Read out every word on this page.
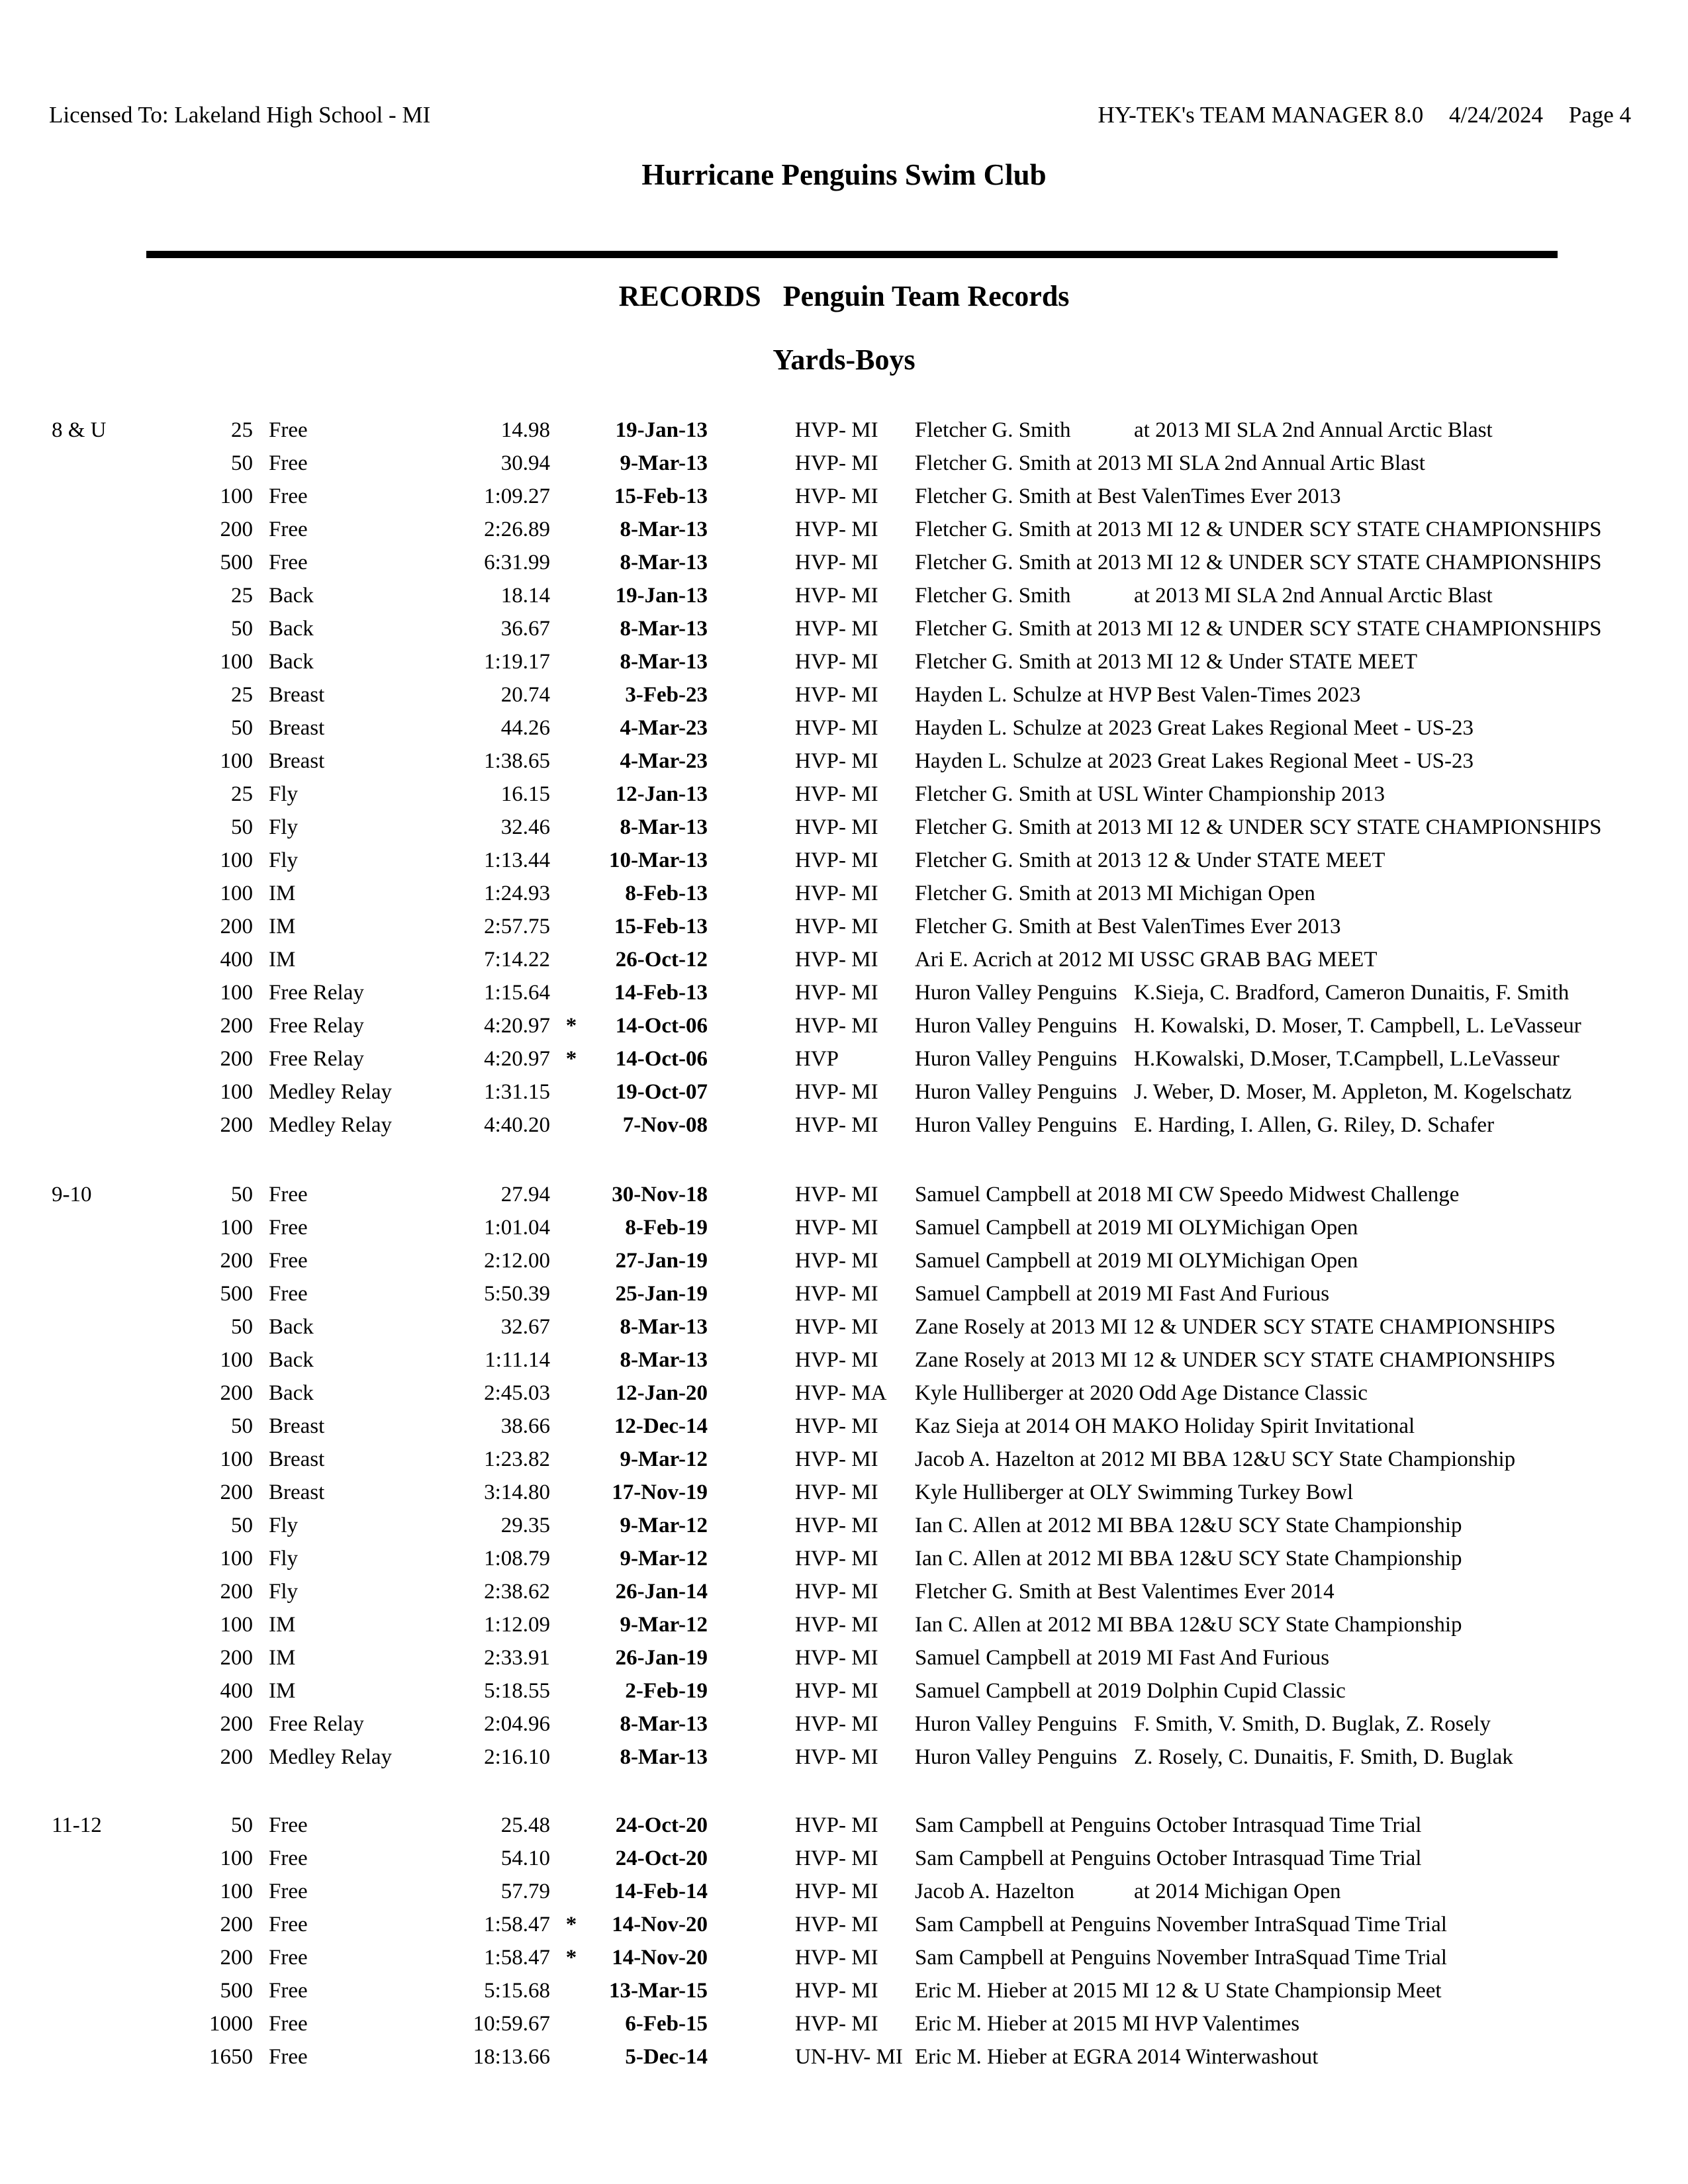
Licensed To: Lakeland High School - MI	HY-TEK's TEAM MANAGER 8.0 4/24/2024 Page 4
Hurricane Penguins Swim Club
RECORDS Penguin Team Records
Yards-Boys
8 & U	25 Free	14.98	19-Jan-13	HVP- MI Fletcher G. Smith	at 2013 MI SLA 2nd Annual Arctic Blast
50 Free	30.94	9-Mar-13	HVP- MI Fletcher G. Smith at 2013 MI SLA 2nd Annual Artic Blast
100 Free	1:09.27	15-Feb-13	HVP- MI Fletcher G. Smith at Best ValenTimes Ever 2013
200 Free	2:26.89	8-Mar-13	HVP- MI Fletcher G. Smith at 2013 MI 12 & UNDER SCY STATE CHAMPIONSHIPS
500 Free	6:31.99	8-Mar-13	HVP- MI Fletcher G. Smith at 2013 MI 12 & UNDER SCY STATE CHAMPIONSHIPS
25 Back	18.14	19-Jan-13	HVP- MI Fletcher G. Smith	at 2013 MI SLA 2nd Annual Arctic Blast
50 Back	36.67	8-Mar-13	HVP- MI Fletcher G. Smith at 2013 MI 12 & UNDER SCY STATE CHAMPIONSHIPS
100 Back	1:19.17	8-Mar-13	HVP- MI Fletcher G. Smith at 2013 MI 12 & Under STATE MEET
25 Breast	20.74	3-Feb-23	HVP- MI Hayden L. Schulze at HVP Best Valen-Times 2023
50 Breast	44.26	4-Mar-23	HVP- MI Hayden L. Schulze at 2023 Great Lakes Regional Meet - US-23
100 Breast	1:38.65	4-Mar-23	HVP- MI Hayden L. Schulze at 2023 Great Lakes Regional Meet - US-23
25 Fly	16.15	12-Jan-13	HVP- MI Fletcher G. Smith at USL Winter Championship 2013
50 Fly	32.46	8-Mar-13	HVP- MI Fletcher G. Smith at 2013 MI 12 & UNDER SCY STATE CHAMPIONSHIPS
100 Fly	1:13.44	10-Mar-13	HVP- MI Fletcher G. Smith at 2013 12 & Under STATE MEET
100 IM	1:24.93	8-Feb-13	HVP- MI Fletcher G. Smith at 2013 MI Michigan Open
200 IM	2:57.75	15-Feb-13	HVP- MI Fletcher G. Smith at Best ValenTimes Ever 2013
400 IM	7:14.22	26-Oct-12	HVP- MI Ari E. Acrich at 2012 MI USSC GRAB BAG MEET
100 Free Relay	1:15.64	14-Feb-13	HVP- MI Huron Valley Penguins K.Sieja, C. Bradford, Cameron Dunaitis, F. Smith
200 Free Relay	4:20.97 *	14-Oct-06	HVP- MI Huron Valley Penguins H. Kowalski, D. Moser, T. Campbell, L. LeVasseur
200 Free Relay	4:20.97 *	14-Oct-06	HVP	Huron Valley Penguins H.Kowalski, D.Moser, T.Campbell, L.LeVasseur
100 Medley Relay	1:31.15	19-Oct-07	HVP- MI Huron Valley Penguins J. Weber, D. Moser, M. Appleton, M. Kogelschatz
200 Medley Relay	4:40.20	7-Nov-08	HVP- MI Huron Valley Penguins E. Harding, I. Allen, G. Riley, D. Schafer
9-10	50 Free	27.94	30-Nov-18	HVP- MI Samuel Campbell at 2018 MI CW Speedo Midwest Challenge
100 Free	1:01.04	8-Feb-19	HVP- MI Samuel Campbell at 2019 MI OLYMichigan Open
200 Free	2:12.00	27-Jan-19	HVP- MI Samuel Campbell at 2019 MI OLYMichigan Open
500 Free	5:50.39	25-Jan-19	HVP- MI Samuel Campbell at 2019 MI Fast And Furious
50 Back	32.67	8-Mar-13	HVP- MI Zane Rosely at 2013 MI 12 & UNDER SCY STATE CHAMPIONSHIPS
100 Back	1:11.14	8-Mar-13	HVP- MI Zane Rosely at 2013 MI 12 & UNDER SCY STATE CHAMPIONSHIPS
200 Back	2:45.03	12-Jan-20	HVP- MA Kyle Hulliberger at 2020 Odd Age Distance Classic
50 Breast	38.66	12-Dec-14	HVP- MI Kaz Sieja at 2014 OH MAKO Holiday Spirit Invitational
100 Breast	1:23.82	9-Mar-12	HVP- MI Jacob A. Hazelton at 2012 MI BBA 12&U SCY State Championship
200 Breast	3:14.80	17-Nov-19	HVP- MI Kyle Hulliberger at OLY Swimming Turkey Bowl
50 Fly	29.35	9-Mar-12	HVP- MI Ian C. Allen at 2012 MI BBA 12&U SCY State Championship
100 Fly	1:08.79	9-Mar-12	HVP- MI Ian C. Allen at 2012 MI BBA 12&U SCY State Championship
200 Fly	2:38.62	26-Jan-14	HVP- MI Fletcher G. Smith at Best Valentimes Ever 2014
100 IM	1:12.09	9-Mar-12	HVP- MI Ian C. Allen at 2012 MI BBA 12&U SCY State Championship
200 IM	2:33.91	26-Jan-19	HVP- MI Samuel Campbell at 2019 MI Fast And Furious
400 IM	5:18.55	2-Feb-19	HVP- MI Samuel Campbell at 2019 Dolphin Cupid Classic
200 Free Relay	2:04.96	8-Mar-13	HVP- MI Huron Valley Penguins F. Smith, V. Smith, D. Buglak, Z. Rosely
200 Medley Relay	2:16.10	8-Mar-13	HVP- MI Huron Valley Penguins Z. Rosely, C. Dunaitis, F. Smith, D. Buglak
11-12	50 Free	25.48	24-Oct-20	HVP- MI Sam Campbell at Penguins October Intrasquad Time Trial
100 Free	54.10	24-Oct-20	HVP- MI Sam Campbell at Penguins October Intrasquad Time Trial
100 Free	57.79	14-Feb-14	HVP- MI Jacob A. Hazelton	at 2014 Michigan Open
200 Free	1:58.47 *	14-Nov-20	HVP- MI Sam Campbell at Penguins November IntraSquad Time Trial
200 Free	1:58.47 *	14-Nov-20	HVP- MI Sam Campbell at Penguins November IntraSquad Time Trial
500 Free	5:15.68	13-Mar-15	HVP- MI Eric M. Hieber at 2015 MI 12 & U State Championsip Meet
1000 Free	10:59.67	6-Feb-15	HVP- MI Eric M. Hieber at 2015 MI HVP Valentimes
1650 Free	18:13.66	5-Dec-14	UN-HV- MI Eric M. Hieber at EGRA 2014 Winterwashout
